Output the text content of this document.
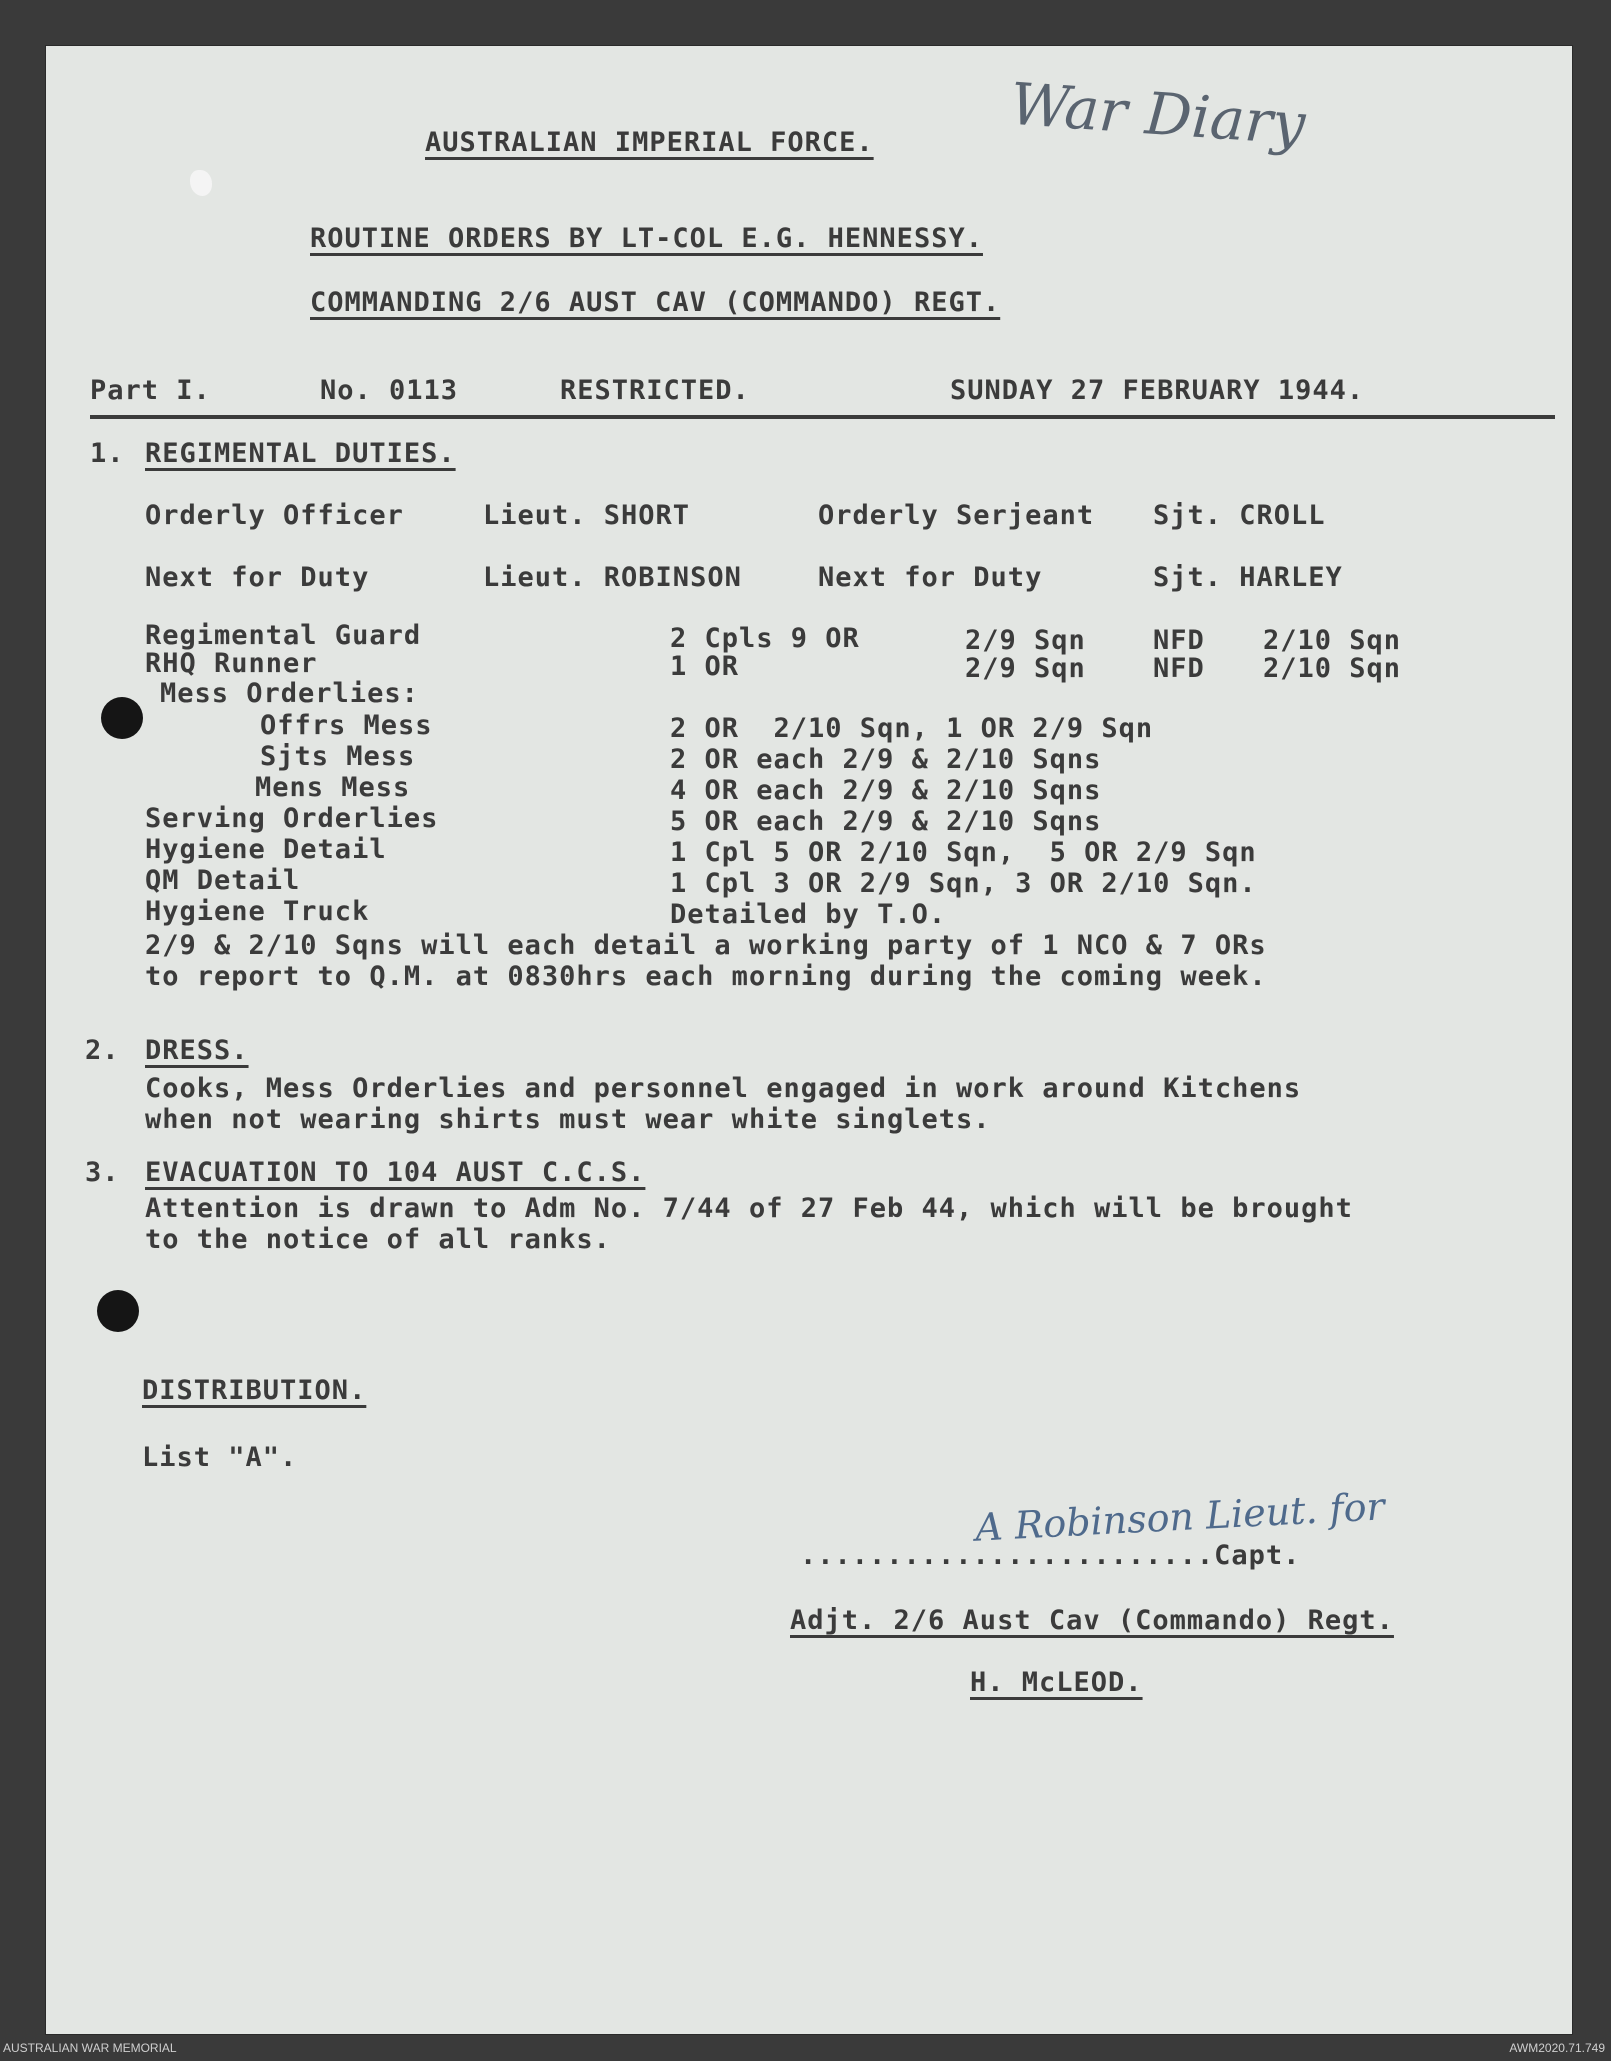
War Diary
AUSTRALIAN IMPERIAL FORCE.
ROUTINE ORDERS BY LT-COL E.G. HENNESSY.
COMMANDING 2/6 AUST CAV (COMMANDO) REGT.
Part I.	No. 0113	RESTRICTED.	SUNDAY 27 FEBRUARY 1944.
1. REGIMENTAL DUTIES.
Orderly Officer	Lieut. SHORT	Orderly Serjeant Sjt. CROLL
Next for Duty	Lieut. ROBINSON	Next for Duty	Sjt. HARLEY
Regimental Guard	2 Cpls 9 OR	2/9 Sqn NFD 2/10 Sqn
RHQ Runner	1 OR	2/9 Sqn NFD 2/10 Sqn
Mess Orderlies:
Offrs Mess	2 OR  2/10 Sqn, 1 OR 2/9 Sqn
Sjts Mess	2 OR each 2/9 & 2/10 Sqns
Mens Mess	4 OR each 2/9 & 2/10 Sqns
Serving Orderlies	5 OR each 2/9 & 2/10 Sqns
Hygiene Detail	1 Cpl 5 OR 2/10 Sqn,  5 OR 2/9 Sqn
QM Detail	1 Cpl 3 OR 2/9 Sqn, 3 OR 2/10 Sqn.
Hygiene Truck	Detailed by T.O.
2/9 & 2/10 Sqns will each detail a working party of 1 NCO & 7 ORs
to report to Q.M. at 0830hrs each morning during the coming week.
2. DRESS.
Cooks, Mess Orderlies and personnel engaged in work around Kitchens
when not wearing shirts must wear white singlets.
3. EVACUATION TO 104 AUST C.C.S.
Attention is drawn to Adm No. 7/44 of 27 Feb 44, which will be brought
to the notice of all ranks.
DISTRIBUTION.
List "A".
A Robinson Lieut. for
........................Capt.
Adjt. 2/6 Aust Cav (Commando) Regt.
H. McLEOD.
AUSTRALIAN WAR MEMORIAL	AWM2020.71.749
